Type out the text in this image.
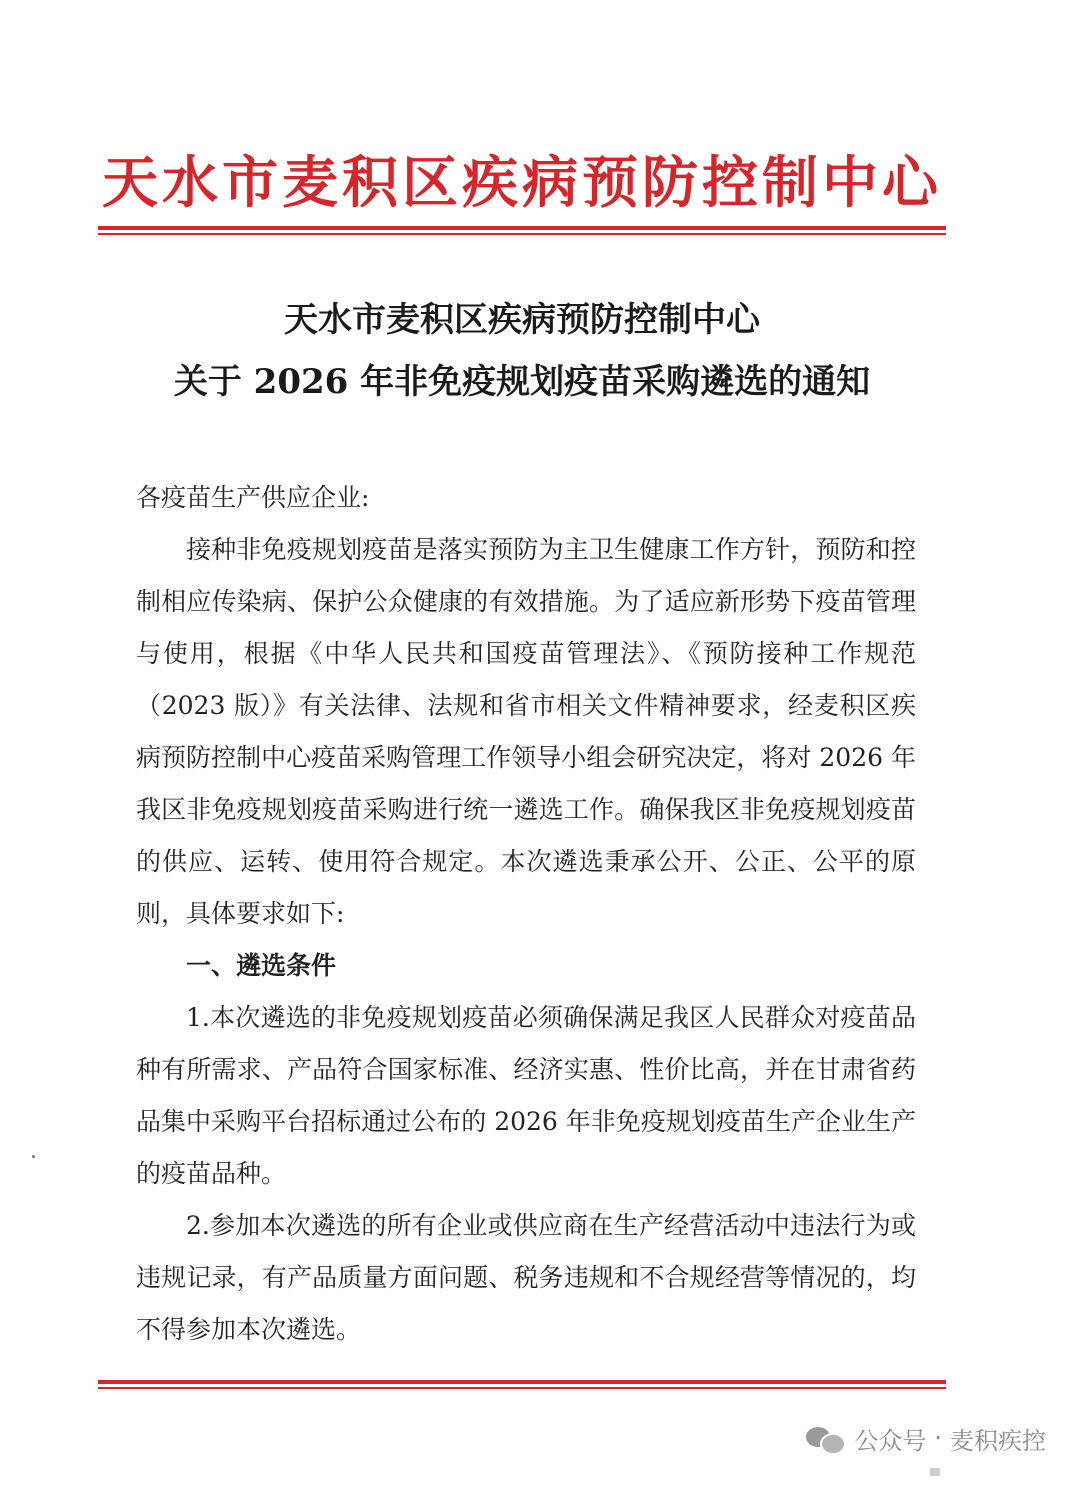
天水市麦积区疾病预防控制中心
天水市麦积区疾病预防控制中心
关于 2026 年非免疫规划疫苗采购遴选的通知
各疫苗生产供应企业:

接种非免疫规划疫苗是落实预防为主卫生健康工作方针，预防和控制相应传染病、保护公众健康的有效措施。为了适应新形势下疫苗管理与使用，根据《中华人民共和国疫苗管理法》、《预防接种工作规范（2023 版）》有关法律、法规和省市相关文件精神要求，经麦积区疾病预防控制中心疫苗采购管理工作领导小组会研究决定，将对 2026 年我区非免疫规划疫苗采购进行统一遴选工作。确保我区非免疫规划疫苗的供应、运转、使用符合规定。本次遴选秉承公开、公正、公平的原则，具体要求如下:

一、遴选条件

1.本次遴选的非免疫规划疫苗必须确保满足我区人民群众对疫苗品种有所需求、产品符合国家标准、经济实惠、性价比高，并在甘肃省药品集中采购平台招标通过公布的 2026 年非免疫规划疫苗生产企业生产的疫苗品种。

2.参加本次遴选的所有企业或供应商在生产经营活动中违法行为或违规记录，有产品质量方面问题、税务违规和不合规经营等情况的，均不得参加本次遴选。

公众号 · 麦积疾控
